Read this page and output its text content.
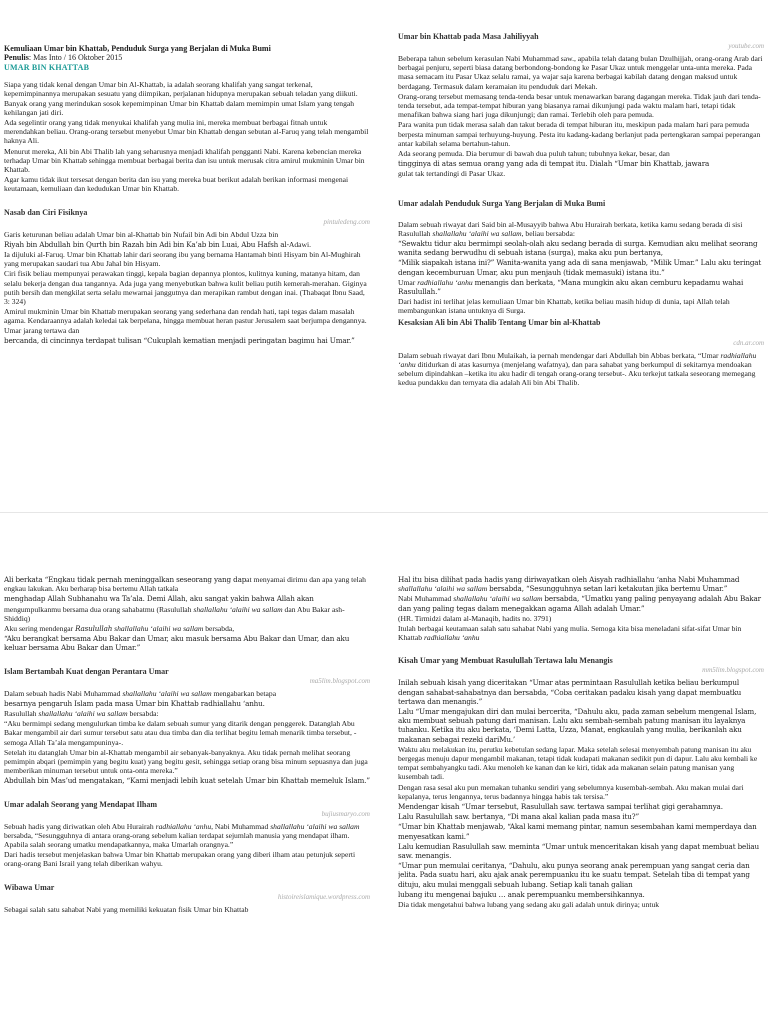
Kemuliaan Umar bin Khattab, Penduduk Surga yang Berjalan di Muka Bumi
Penulis: Mas Into / 16 Oktober 2015
UMAR BIN KHATTAB

Siapa yang tidak kenal dengan Umar bin Al-Khattab, ia adalah seorang khalifah yang sangat terkenal, kepemimpinannya merupakan sesuatu yang diimpikan, perjalanan hidupnya merupakan sebuah teladan yang diikuti. Banyak orang yang merindukan sosok kepemimpinan Umar bin Khattab dalam memimpin umat Islam yang tengah kehilangan jati diri.

Ada segelintir orang yang tidak menyukai khalifah yang mulia ini, mereka membuat berbagai fitnah untuk merendahkan beliau. Orang-orang tersebut menyebut Umar bin Khattab dengan sebutan al-Faruq yang telah mengambil haknya Ali.

Menurut mereka, Ali bin Abi Thalib lah yang seharusnya menjadi khalifah pengganti Nabi. Karena kebencian mereka terhadap Umar bin Khattab sehingga membuat berbagai berita dan isu untuk merusak citra amirul mukminin Umar bin Khattab.

Agar kamu tidak ikut tersesat dengan berita dan isu yang mereka buat berikut adalah berikan informasi mengenai keutamaan, kemuliaan dan kedudukan Umar bin Khattab.

Nasab dan Ciri Fisiknya
pintuledeng.com

Garis keturunan beliau adalah Umar bin al-Khattab bin Nufail bin Adi bin Abdul Uzza bin

Riyah bin Abdullah bin Qurth bin Razah bin Adi bin Ka’ab bin Luai, Abu Hafsh al-Adawi.

Ia dijuluki al-Faruq. Umar bin Khattab lahir dari seorang ibu yang bernama Hantamah binti Hisyam bin Al-Mughirah yang merupakan saudari tua Abu Jahal bin Hisyam.

Ciri fisik beliau mempunyai perawakan tinggi, kepala bagian depannya plontos, kulitnya kuning, matanya hitam, dan selalu bekerja dengan dua tangannya. Ada juga yang menyebutkan bahwa kulit beliau putih kemerah-merahan. Giginya putih bersih dan mengkilat serta selalu mewarnai janggutnya dan merapikan rambut dengan inai. (Thabaqat Ibnu Saad, 3: 324)

Amirul mukminin Umar bin Khattab merupakan seorang yang sederhana dan rendah hati, tapi tegas dalam masalah agama. Kendaraannya adalah keledai tak berpelana, hingga membuat heran pastur Jerusalem saat berjumpa dengannya. Umar jarang tertawa dan

bercanda, di cincinnya terdapat tulisan “Cukuplah kematian menjadi peringatan bagimu hai Umar.”

Umar bin Khattab pada Masa Jahiliyyah
youtube.com

Beberapa tahun sebelum kerasulan Nabi Muhammad saw., apabila telah datang bulan Dzulhijjah, orang-orang Arab dari berbagai penjuru, seperti biasa datang berbondong-bondong ke Pasar Ukaz untuk menggelar unta-unta mereka. Pada masa semacam itu Pasar Ukaz selalu ramai, ya wajar saja karena berbagai kabilah datang dengan maksud untuk berdagang. Termasuk dalam keramaian itu penduduk dari Mekah.

Orang-orang tersebut memasang tenda-tenda besar untuk menawarkan barang dagangan mereka. Tidak jauh dari tenda-tenda tersebut, ada tempat-tempat hiburan yang biasanya ramai dikunjungi pada waktu malam hari, tetapi tidak menafikan bahwa siang hari juga dikunjungi; dan ramai. Terlebih oleh para pemuda.

Para wanita pun tidak merasa salah dan takut berada di tempat hiburan itu, meskipun pada malam hari para pemuda berpesta minuman sampai terhuyung-huyung. Pesta itu kadang-kadang berlanjut pada pertengkaran sampai peperangan antar kabilah selama bertahun-tahun.

Ada seorang pemuda. Dia berumur di bawah dua puluh tahun; tubuhnya kekar, besar, dan

tingginya di atas semua orang yang ada di tempat itu. Dialah “Umar bin Khattab, jawara

gulat tak tertandingi di Pasar Ukaz.

Umar adalah Penduduk Surga Yang Berjalan di Muka Bumi

Dalam sebuah riwayat dari Said bin al-Musayyib bahwa Abu Hurairah berkata, ketika kamu sedang berada di sisi Rasulullah shallallahu ‘alaihi wa sallam, beliau bersabda:

“Sewaktu tidur aku bermimpi seolah-olah aku sedang berada di surga. Kemudian aku melihat seorang wanita sedang berwudhu di sebuah istana (surga), maka aku pun bertanya,

“Milik siapakah istana ini?” Wanita-wanita yang ada di sana menjawab, “Milik Umar.” Lalu aku teringat dengan kecemburuan Umar, aku pun menjauh (tidak memasuki) istana itu.”

Umar radhiallahu ‘anhu menangis dan berkata, “Mana mungkin aku akan cemburu kepadamu wahai Rasulullah.”

Dari hadist ini terlihat jelas kemuliaan Umar bin Khattab, ketika beliau masih hidup di dunia, tapi Allah telah membangunkan istana untuknya di Surga.

Kesaksian Ali bin Abi Thalib Tentang Umar bin al-Khattab
cdn.ar.com

Dalam sebuah riwayat dari Ibnu Mulaikah, ia pernah mendengar dari Abdullah bin Abbas berkata, “Umar radhiallahu ‘anhu ditidurkan di atas kasurnya (menjelang wafatnya), dan para sahabat yang berkumpul di sekitarnya mendoakan sebelum dipindahkan –ketika itu aku hadir di tengah orang-orang tersebut-. Aku terkejut tatkala seseorang memegang kedua pundakku dan ternyata dia adalah Ali bin Abi Thalib.

Ali berkata “Engkau tidak pernah meninggalkan seseorang yang dapat menyamai dirimu dan apa yang telah engkau lakukan. Aku berharap bisa bertemu Allah tatkala

menghadap Allah Subhanahu wa Ta’ala. Demi Allah, aku sangat yakin bahwa Allah akan

mengumpulkanmu bersama dua orang sahabatmu (Rasulullah shallallahu ‘alaihi wa sallam dan Abu Bakar ash-Shiddiq)

Aku sering mendengar Rasulullah shallallahu ‘alaihi wa sallam bersabda,

“Aku berangkat bersama Abu Bakar dan Umar, aku masuk bersama Abu Bakar dan Umar, dan aku keluar bersama Abu Bakar dan Umar.”

Islam Bertambah Kuat dengan Perantara Umar
ma5lim.blogspot.com

Dalam sebuah hadis Nabi Muhammad shallallahu ‘alaihi wa sallam mengabarkan betapa

besarnya pengaruh Islam pada masa Umar bin Khattab radhiallahu ‘anhu.

Rasulullah shallallahu ‘alaihi wa sallam bersabda:

“Aku bermimpi sedang mengulurkan timba ke dalam sebuah sumur yang ditarik dengan penggerek. Datanglah Abu Bakar mengambil air dari sumur tersebut satu atau dua timba dan dia terlihat begitu lemah menarik timba tersebut, -semoga Allah Ta’ala mengampuninya-.

Setelah itu datanglah Umar bin al-Khattab mengambil air sebanyak-banyaknya. Aku tidak pernah melihat seorang pemimpin abqari (pemimpin yang begitu kuat) yang begitu gesit, sehingga setiap orang bisa minum sepuasnya dan juga memberikan minuman tersebut untuk onta-onta mereka.”

Abdullah bin Mas’ud mengatakan, “Kami menjadi lebih kuat setelah Umar bin Khattab memeluk Islam.”

Umar adalah Seorang yang Mendapat Ilham
bujiusmaryo.com

Sebuah hadis yang diriwatkan oleh Abu Hurairah radhiallahu ‘anhu, Nabi Muhammad shallallahu ‘alaihi wa sallam bersabda, “Sesungguhnya di antara orang-orang sebelum kalian terdapat sejumlah manusia yang mendapat ilham. Apabila salah seorang umatku mendapatkannya, maka Umarlah orangnya.”

Dari hadis tersebut menjelaskan bahwa Umar bin Khattab merupakan orang yang diberi ilham atau petunjuk seperti orang-orang Bani Israil yang telah diberikan wahyu.

Wibawa Umar
histoireislamique.wordpress.com

Sebagai salah satu sahabat Nabi yang memiliki kekuatan fisik Umar bin Khattab

Hal itu bisa dilihat pada hadis yang diriwayatkan oleh Aisyah radhiallahu ‘anha Nabi Muhammad shallallahu ‘alaihi wa sallam bersabda, “Sesungguhnya setan lari ketakutan jika bertemu Umar.”

Nabi Muhammad shallallahu ‘alaihi wa sallam bersabda, “Umatku yang paling penyayang adalah Abu Bakar dan yang paling tegas dalam menegakkan agama Allah adalah Umar.”

(HR. Tirmidzi dalam al-Manaqib, hadits no. 3791)

Itulah berbagai keutamaan salah satu sahabat Nabi yang mulia. Semoga kita bisa meneladani sifat-sifat Umar bin Khattab radhiallahu ‘anhu

Kisah Umar yang Membuat Rasulullah Tertawa lalu Menangis
mm5lim.blogspot.com

Inilah sebuah kisah yang diceritakan “Umar atas permintaan Rasulullah ketika beliau berkumpul dengan sahabat-sahabatnya dan bersabda, “Coba ceritakan padaku kisah yang dapat membuatku tertawa dan menangis.”

Lalu “Umar mengajukan diri dan mulai bercerita, “Dahulu aku, pada zaman sebelum mengenal Islam, aku membuat sebuah patung dari manisan. Lalu aku sembah-sembah patung manisan itu layaknya tuhanku. Ketika itu aku berkata, ‘Demi Latta, Uzza, Manat, engkaulah yang mulia, berikanlah aku makanan sebagai rezeki dariMu.’

Waktu aku melakukan itu, perutku kebetulan sedang lapar. Maka setelah selesai menyembah patung manisan itu aku bergegas menuju dapur mengambil makanan, tetapi tidak kudapati makanan sedikit pun di dapur. Lalu aku kembali ke tempat sembahyangku tadi. Aku menoleh ke kanan dan ke kiri, tidak ada makanan selain patung manisan yang kusembah tadi.

Dengan rasa sesal aku pun memakan tuhanku sendiri yang sebelumnya kusembah-sembah. Aku makan mulai dari kepalanya, terus lengannya, terus badannya hingga habis tak tersisa.”

Mendengar kisah “Umar tersebut, Rasulullah saw. tertawa sampai terlihat gigi gerahamnya.

Lalu Rasulullah saw. bertanya, “Di mana akal kalian pada masa itu?”

“Umar bin Khattab menjawab, “Akal kami memang pintar, namun sesembahan kami memperdaya dan menyesatkan kami.”

Lalu kemudian Rasulullah saw. meminta “Umar untuk menceritakan kisah yang dapat membuat beliau saw. menangis.

“Umar pun memulai ceritanya, “Dahulu, aku punya seorang anak perempuan yang sangat ceria dan jelita. Pada suatu hari, aku ajak anak perempuanku itu ke suatu tempat. Setelah tiba di tempat yang dituju, aku mulai menggali sebuah lubang. Setiap kali tanah galian

lubang itu mengenai bajuku … anak perempuanku membersihkannya.

Dia tidak mengetahui bahwa lubang yang sedang aku gali adalah untuk dirinya; untuk
